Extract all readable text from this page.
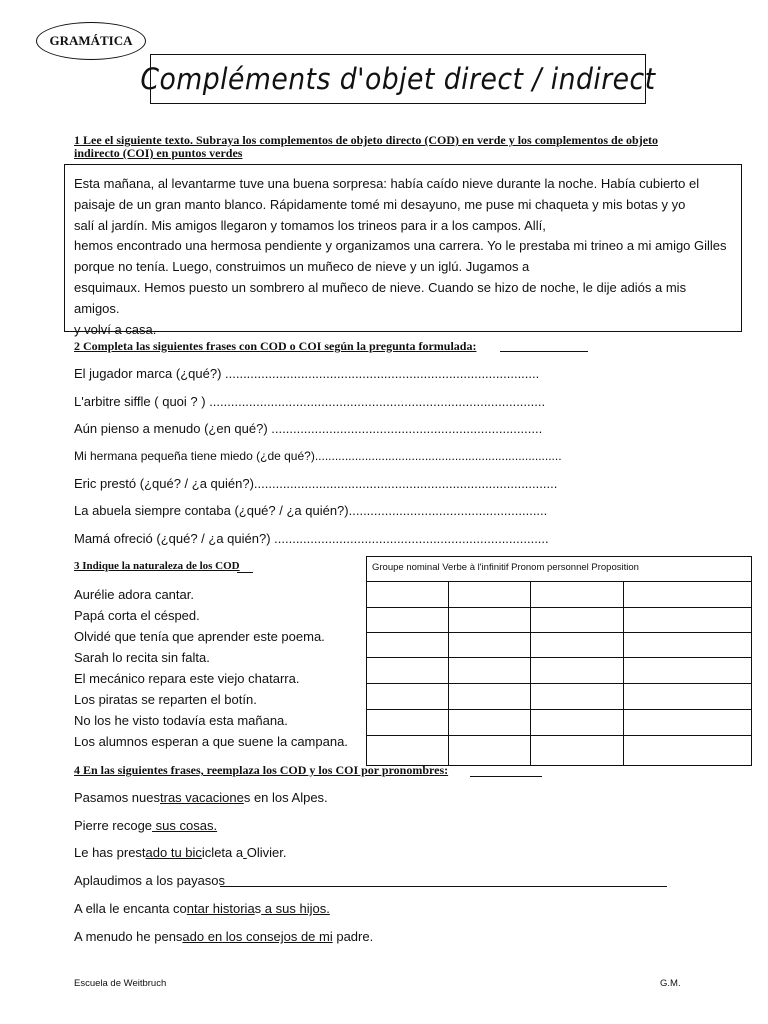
GRAMÁTICA
Compléments d'objet direct / indirect
1 Lee el siguiente texto. Subraya los complementos de objeto directo (COD) en verde y los complementos de objeto
indirecto (COI) en puntos verdes

Esta mañana, al levantarme tuve una buena sorpresa: había caído nieve durante la noche. Había cubierto el

paisaje de un gran manto blanco. Rápidamente tomé mi desayuno, me puse mi chaqueta y mis botas y yo

salí al jardín. Mis amigos llegaron y tomamos los trineos para ir a los campos. Allí,

hemos encontrado una hermosa pendiente y organizamos una carrera. Yo le prestaba mi trineo a mi amigo Gilles

porque no tenía. Luego, construimos un muñeco de nieve y un iglú. Jugamos a

esquimaux. Hemos puesto un sombrero al muñeco de nieve. Cuando se hizo de noche, le dije adiós a mis amigos.

y volví a casa.

2 Completa las siguientes frases con COD o COI según la pregunta formulada:
El jugador marca (¿qué?) .......................................................................................
L'arbitre siffle ( quoi ? ) .............................................................................................
Aún pienso a menudo (¿en qué?) ...........................................................................
Mi hermana pequeña tiene miedo (¿de qué?)..........................................................................
Eric prestó (¿qué? / ¿a quién?)....................................................................................
La abuela siempre contaba (¿qué? / ¿a quién?).......................................................
Mamá ofreció (¿qué? / ¿a quién?) ............................................................................
3 Indique la naturaleza de los COD
Aurélie adora cantar.
Papá corta el césped.
Olvidé que tenía que aprender este poema.
Sarah lo recita sin falta.
El mecánico repara este viejo chatarra.
Los piratas se reparten el botín.
No los he visto todavía esta mañana.
Los alumnos esperan a que suene la campana.
Groupe nominal Verbe à l'infinitif Pronom personnel Proposition
4 En las siguientes frases, reemplaza los COD y los COI por pronombres:
Pasamos nuestras vacaciones en los Alpes.
Pierre recoge sus cosas.
Le has prestado tu bicicleta a Olivier.
Aplaudimos a los payasos
A ella le encanta contar historias a sus hijos.
A menudo he pensado en los consejos de mi padre.
Escuela de Weitbruch	G.M.
